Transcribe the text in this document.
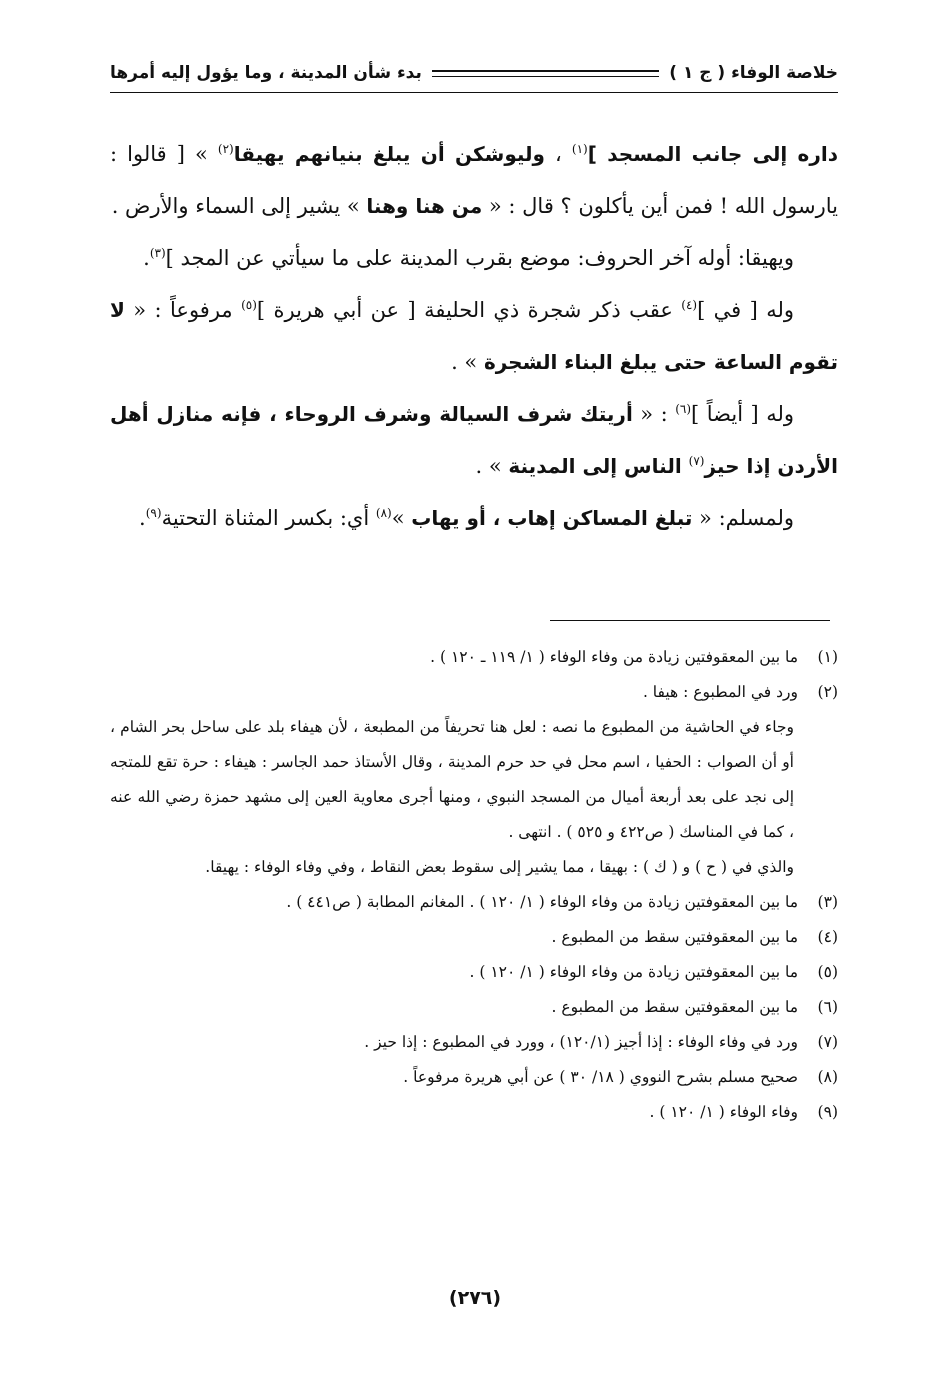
خلاصة الوفاء ( ج ١ )
بدء شأن المدينة ، وما يؤول إليه أمرها

داره إلى جانب المسجد ]$^{(١)}$ ، وليوشكن أن يبلغ بنيانهم يهيقا$^{(٢)}$ » [ قالوا : يارسول الله ! فمن أين يأكلون ؟ قال : « من هنا وهنا » يشير إلى السماء والأرض .

ويهيقا: أوله آخر الحروف: موضع بقرب المدينة على ما سيأتي عن المجد ]$^{(٣)}$.

وله [ في ]$^{(٤)}$ عقب ذكر شجرة ذي الحليفة [ عن أبي هريرة ]$^{(٥)}$ مرفوعاً : « لا تقوم الساعة حتى يبلغ البناء الشجرة » .

وله [ أيضاً ]$^{(٦)}$ : « أريتك شرف السيالة وشرف الروحاء ، فإنه منازل أهل الأردن إذا حيز$^{(٧)}$ الناس إلى المدينة » .

ولمسلم: « تبلغ المساكن إهاب ، أو يهاب »$^{(٨)}$ أي: بكسر المثناة التحتية$^{(٩)}$.

(١)
ما بين المعقوفتين زيادة من وفاء الوفاء ( ١/ ١١٩ ـ ١٢٠ ) .
(٢)
ورد في المطبوع : هيفا .

وجاء في الحاشية من المطبوع ما نصه : لعل هنا تحريفاً من المطبعة ، لأن هيفاء بلد على ساحل بحر الشام ، أو أن الصواب : الحفيا ، اسم محل في حد حرم المدينة ، وقال الأستاذ حمد الجاسر : هيفاء : حرة تقع للمتجه إلى نجد على بعد أربعة أميال من المسجد النبوي ، ومنها أجرى معاوية العين إلى مشهد حمزة رضي الله عنه ، كما في المناسك ( ص٤٢٢ و ٥٢٥ ) . انتهى .

والذي في ( ح ) و ( ك ) : بهيقا ، مما يشير إلى سقوط بعض النقاط ، وفي وفاء الوفاء : يهيقا.

(٣)
ما بين المعقوفتين زيادة من وفاء الوفاء ( ١/ ١٢٠ ) . المغانم المطابة ( ص٤٤١ ) .
(٤)
ما بين المعقوفتين سقط من المطبوع .
(٥)
ما بين المعقوفتين زيادة من وفاء الوفاء ( ١/ ١٢٠ ) .
(٦)
ما بين المعقوفتين سقط من المطبوع .
(٧)
ورد في وفاء الوفاء : إذا أجيز (١٢٠/١) ، وورد في المطبوع : إذا حيز .
(٨)
صحيح مسلم بشرح النووي ( ١٨/ ٣٠ ) عن أبي هريرة مرفوعاً .
(٩)
وفاء الوفاء ( ١/ ١٢٠ ) .
(٢٧٦)
